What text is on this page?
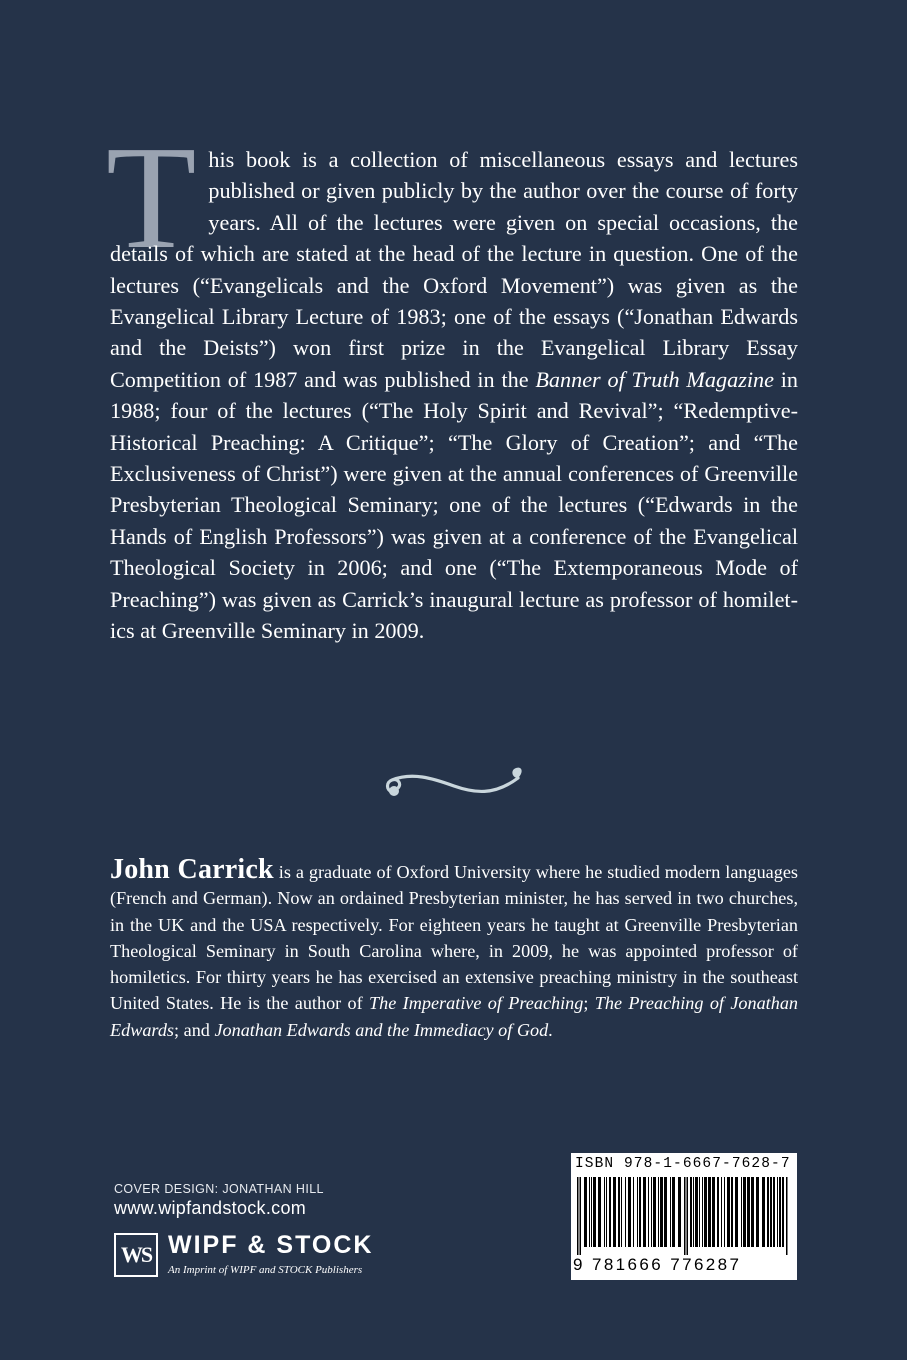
This book is a collection of miscellaneous essays and lectures published or given publicly by the author over the course of forty years. All of the lectures were given on special occasions, the details of which are stated at the head of the lecture in question. One of the lectures (“Evangelicals and the Oxford Movement”) was given as the Evangelical Library Lecture of 1983; one of the essays (“Jonathan Edwards and the Deists”) won first prize in the Evangelical Library Essay Competition of 1987 and was published in the Banner of Truth Magazine in 1988; four of the lectures (“The Holy Spirit and Revival”; “Redemptive-Historical Preaching: A Critique”; “The Glory of Creation”; and “The Exclusiveness of Christ”) were given at the annual conferences of Greenville Presbyterian Theological Seminary; one of the lectures (“Edwards in the Hands of English Professors”) was given at a conference of the Evangelical Theological Society in 2006; and one (“The Extemporaneous Mode of Preaching”) was given as Carrick’s inaugural lecture as professor of homiletics at Greenville Seminary in 2009.
John Carrick is a graduate of Oxford University where he studied modern languages (French and German). Now an ordained Presbyterian minister, he has served in two churches, in the UK and the USA respectively. For eighteen years he taught at Greenville Presbyterian Theological Seminary in South Carolina where, in 2009, he was appointed professor of homiletics. For thirty years he has exercised an extensive preaching ministry in the southeast United States. He is the author of The Imperative of Preaching; The Preaching of Jonathan Edwards; and Jonathan Edwards and the Immediacy of God.
COVER DESIGN: JONATHAN HILL
www.wipfandstock.com
WS WIPF & STOCK
An Imprint of WIPF and STOCK Publishers
ISBN 978-1-6667-7628-7
9 781666 776287
